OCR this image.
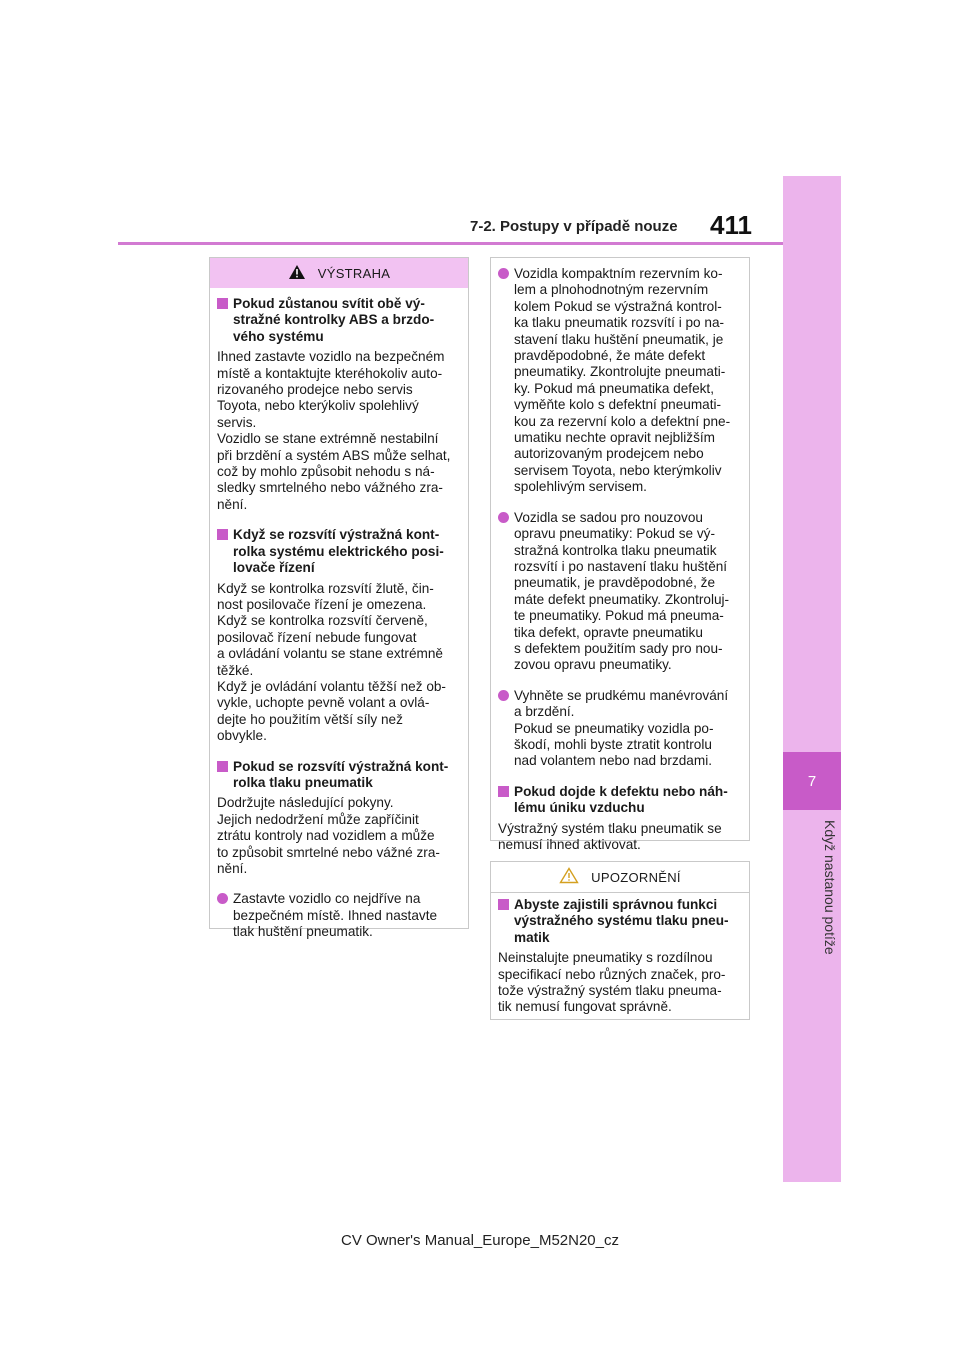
7-2. Postupy v případě nouze 411
7
Když nastanou potíže
VÝSTRAHA
Pokud zůstanou svítit obě vý-
stražné kontrolky ABS a brzdo-
vého systému
Ihned zastavte vozidlo na bezpečném
místě a kontaktujte kteréhokoliv auto-
rizovaného prodejce nebo servis
Toyota, nebo kterýkoliv spolehlivý
servis.
Vozidlo se stane extrémně nestabilní
při brzdění a systém ABS může selhat,
což by mohlo způsobit nehodu s ná-
sledky smrtelného nebo vážného zra-
nění.
Když se rozsvítí výstražná kont-
rolka systému elektrického posi-
lovače řízení
Když se kontrolka rozsvítí žlutě, čin-
nost posilovače řízení je omezena.
Když se kontrolka rozsvítí červeně,
posilovač řízení nebude fungovat
a ovládání volantu se stane extrémně
těžké.
Když je ovládání volantu těžší než ob-
vykle, uchopte pevně volant a ovlá-
dejte ho použitím větší síly než
obvykle.
Pokud se rozsvítí výstražná kont-
rolka tlaku pneumatik
Dodržujte následující pokyny.
Jejich nedodržení může zapříčinit
ztrátu kontroly nad vozidlem a může
to způsobit smrtelné nebo vážné zra-
nění.
Zastavte vozidlo co nejdříve na
bezpečném místě. Ihned nastavte
tlak huštění pneumatik.
Vozidla kompaktním rezervním ko-
lem a plnohodnotným rezervním
kolem Pokud se výstražná kontrol-
ka tlaku pneumatik rozsvítí i po na-
stavení tlaku huštění pneumatik, je
pravděpodobné, že máte defekt
pneumatiky. Zkontrolujte pneumati-
ky. Pokud má pneumatika defekt,
vyměňte kolo s defektní pneumati-
kou za rezervní kolo a defektní pne-
umatiku nechte opravit nejbližším
autorizovaným prodejcem nebo
servisem Toyota, nebo kterýmkoliv
spolehlivým servisem.
Vozidla se sadou pro nouzovou
opravu pneumatiky: Pokud se vý-
stražná kontrolka tlaku pneumatik
rozsvítí i po nastavení tlaku huštění
pneumatik, je pravděpodobné, že
máte defekt pneumatiky. Zkontroluj-
te pneumatiky. Pokud má pneuma-
tika defekt, opravte pneumatiku
s defektem použitím sady pro nou-
zovou opravu pneumatiky.
Vyhněte se prudkému manévrování
a brzdění.
Pokud se pneumatiky vozidla po-
škodí, mohli byste ztratit kontrolu
nad volantem nebo nad brzdami.
Pokud dojde k defektu nebo náh-
lému úniku vzduchu
Výstražný systém tlaku pneumatik se
nemusí ihned aktivovat.
UPOZORNĚNÍ
Abyste zajistili správnou funkci
výstražného systému tlaku pneu-
matik
Neinstalujte pneumatiky s rozdílnou
specifikací nebo různých značek, pro-
tože výstražný systém tlaku pneuma-
tik nemusí fungovat správně.
CV Owner's Manual_Europe_M52N20_cz
